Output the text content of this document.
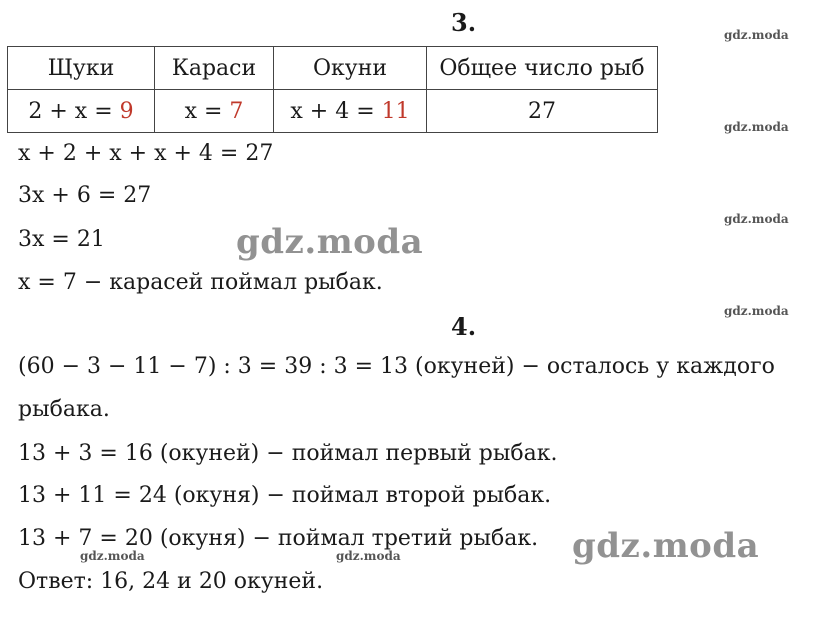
3.
Щуки	Караси	Окуни	Общее число рыб
2 + x = 9	x = 7	x + 4 = 11	27
x + 2 + x + x + 4 = 27
3x + 6 = 27
3x = 21
x = 7 − карасей поймал рыбак.
4.
(60 − 3 − 11 − 7) : 3 = 39 : 3 = 13 (окуней) − осталось у каждого
рыбака.
13 + 3 = 16 (окуней) − поймал первый рыбак.
13 + 11 = 24 (окуня) − поймал второй рыбак.
13 + 7 = 20 (окуня) − поймал третий рыбак.
Ответ: 16, 24 и 20 окуней.
gdz.moda
gdz.moda
gdz.moda
gdz.moda
gdz.moda	gdz.moda
gdz.moda
gdz.moda
